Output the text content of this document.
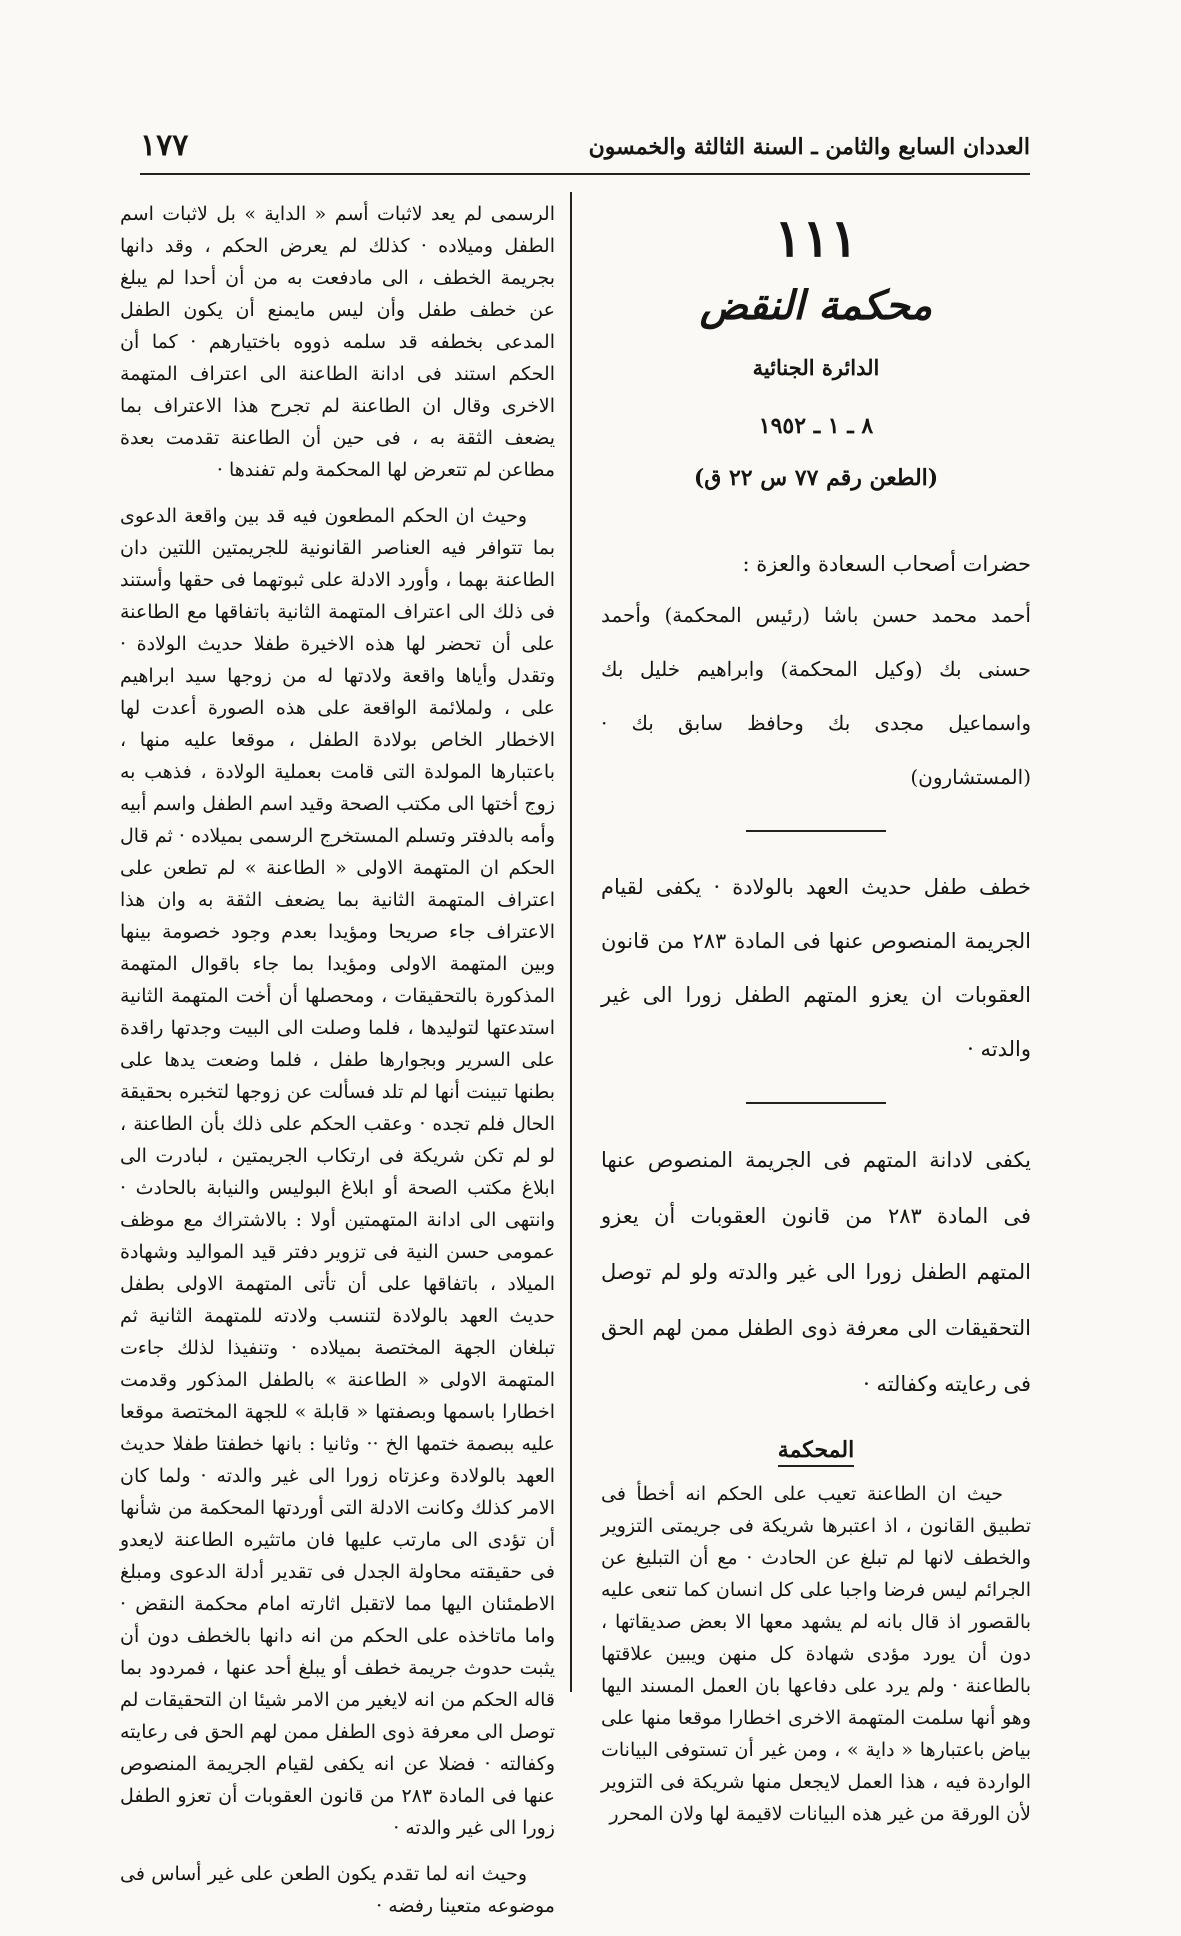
العددان السابع والثامن ـ السنة الثالثة والخمسون
١٧٧
١١١
محكمة النقض
الدائرة الجنائية
٨ ـ ١ ـ ١٩٥٢
(الطعن رقم ٧٧ س ٢٢ ق)
حضرات أصحاب السعادة والعزة :
أحمد محمد حسن باشا (رئيس المحكمة) وأحمد حسنى بك (وكيل المحكمة) وابراهيم خليل بك واسماعيل مجدى بك وحافظ سابق بك · (المستشارون)
خطف طفل حديث العهد بالولادة · يكفى لقيام الجريمة المنصوص عنها فى المادة ٢٨٣ من قانون العقوبات ان يعزو المتهم الطفل زورا الى غير والدته ·
يكفى لادانة المتهم فى الجريمة المنصوص عنها فى المادة ٢٨٣ من قانون العقوبات أن يعزو المتهم الطفل زورا الى غير والدته ولو لم توصل التحقيقات الى معرفة ذوى الطفل ممن لهم الحق فى رعايته وكفالته ·
المحكمة

حيث ان الطاعنة تعيب على الحكم انه أخطأ فى تطبيق القانون ، اذ اعتبرها شريكة فى جريمتى التزوير والخطف لانها لم تبلغ عن الحادث · مع أن التبليغ عن الجرائم ليس فرضا واجبا على كل انسان كما تنعى عليه بالقصور اذ قال بانه لم يشهد معها الا بعض صديقاتها ، دون أن يورد مؤدى شهادة كل منهن ويبين علاقتها بالطاعنة · ولم يرد على دفاعها بان العمل المسند اليها وهو أنها سلمت المتهمة الاخرى اخطارا موقعا منها على بياض باعتبارها « داية » ، ومن غير أن تستوفى البيانات الواردة فيه ، هذا العمل لايجعل منها شريكة فى التزوير لأن الورقة من غير هذه البيانات لاقيمة لها ولان المحرر

الرسمى لم يعد لاثبات أسم « الداية » بل لاثبات اسم الطفل وميلاده · كذلك لم يعرض الحكم ، وقد دانها بجريمة الخطف ، الى مادفعت به من أن أحدا لم يبلغ عن خطف طفل وأن ليس مايمنع أن يكون الطفل المدعى بخطفه قد سلمه ذووه باختيارهم · كما أن الحكم استند فى ادانة الطاعنة الى اعتراف المتهمة الاخرى وقال ان الطاعنة لم تجرح هذا الاعتراف بما يضعف الثقة به ، فى حين أن الطاعنة تقدمت بعدة مطاعن لم تتعرض لها المحكمة ولم تفندها ·

وحيث ان الحكم المطعون فيه قد بين واقعة الدعوى بما تتوافر فيه العناصر القانونية للجريمتين اللتين دان الطاعنة بهما ، وأورد الادلة على ثبوتهما فى حقها وأستند فى ذلك الى اعتراف المتهمة الثانية باتفاقها مع الطاعنة على أن تحضر لها هذه الاخيرة طفلا حديث الولادة · وتقدل وأياها واقعة ولادتها له من زوجها سيد ابراهيم على ، ولملائمة الواقعة على هذه الصورة أعدت لها الاخطار الخاص بولادة الطفل ، موقعا عليه منها ، باعتبارها المولدة التى قامت بعملية الولادة ، فذهب به زوج أختها الى مكتب الصحة وقيد اسم الطفل واسم أبيه وأمه بالدفتر وتسلم المستخرج الرسمى بميلاده · ثم قال الحكم ان المتهمة الاولى « الطاعنة » لم تطعن على اعتراف المتهمة الثانية بما يضعف الثقة به وان هذا الاعتراف جاء صريحا ومؤيدا بعدم وجود خصومة بينها وبين المتهمة الاولى ومؤيدا بما جاء باقوال المتهمة المذكورة بالتحقيقات ، ومحصلها أن أخت المتهمة الثانية استدعتها لتوليدها ، فلما وصلت الى البيت وجدتها راقدة على السرير وبجوارها طفل ، فلما وضعت يدها على بطنها تبينت أنها لم تلد فسألت عن زوجها لتخبره بحقيقة الحال فلم تجده · وعقب الحكم على ذلك بأن الطاعنة ، لو لم تكن شريكة فى ارتكاب الجريمتين ، لبادرت الى ابلاغ مكتب الصحة أو ابلاغ البوليس والنيابة بالحادث · وانتهى الى ادانة المتهمتين أولا : بالاشتراك مع موظف عمومى حسن النية فى تزوير دفتر قيد المواليد وشهادة الميلاد ، باتفاقها على أن تأتى المتهمة الاولى بطفل حديث العهد بالولادة لتنسب ولادته للمتهمة الثانية ثم تبلغان الجهة المختصة بميلاده · وتنفيذا لذلك جاءت المتهمة الاولى « الطاعنة » بالطفل المذكور وقدمت اخطارا باسمها وبصفتها « قابلة » للجهة المختصة موقعا عليه ببصمة ختمها الخ ·· وثانيا : بانها خطفتا طفلا حديث العهد بالولادة وعزتاه زورا الى غير والدته · ولما كان الامر كذلك وكانت الادلة التى أوردتها المحكمة من شأنها أن تؤدى الى مارتب عليها فان ماتثيره الطاعنة لايعدو فى حقيقته محاولة الجدل فى تقدير أدلة الدعوى ومبلغ الاطمئنان اليها مما لاتقبل اثارته امام محكمة النقض · واما ماتاخذه على الحكم من انه دانها بالخطف دون أن يثبت حدوث جريمة خطف أو يبلغ أحد عنها ، فمردود بما قاله الحكم من انه لايغير من الامر شيئا ان التحقيقات لم توصل الى معرفة ذوى الطفل ممن لهم الحق فى رعايته وكفالته · فضلا عن انه يكفى لقيام الجريمة المنصوص عنها فى المادة ٢٨٣ من قانون العقوبات أن تعزو الطفل زورا الى غير والدته ·

وحيث انه لما تقدم يكون الطعن على غير أساس فى موضوعه متعينا رفضه ·
